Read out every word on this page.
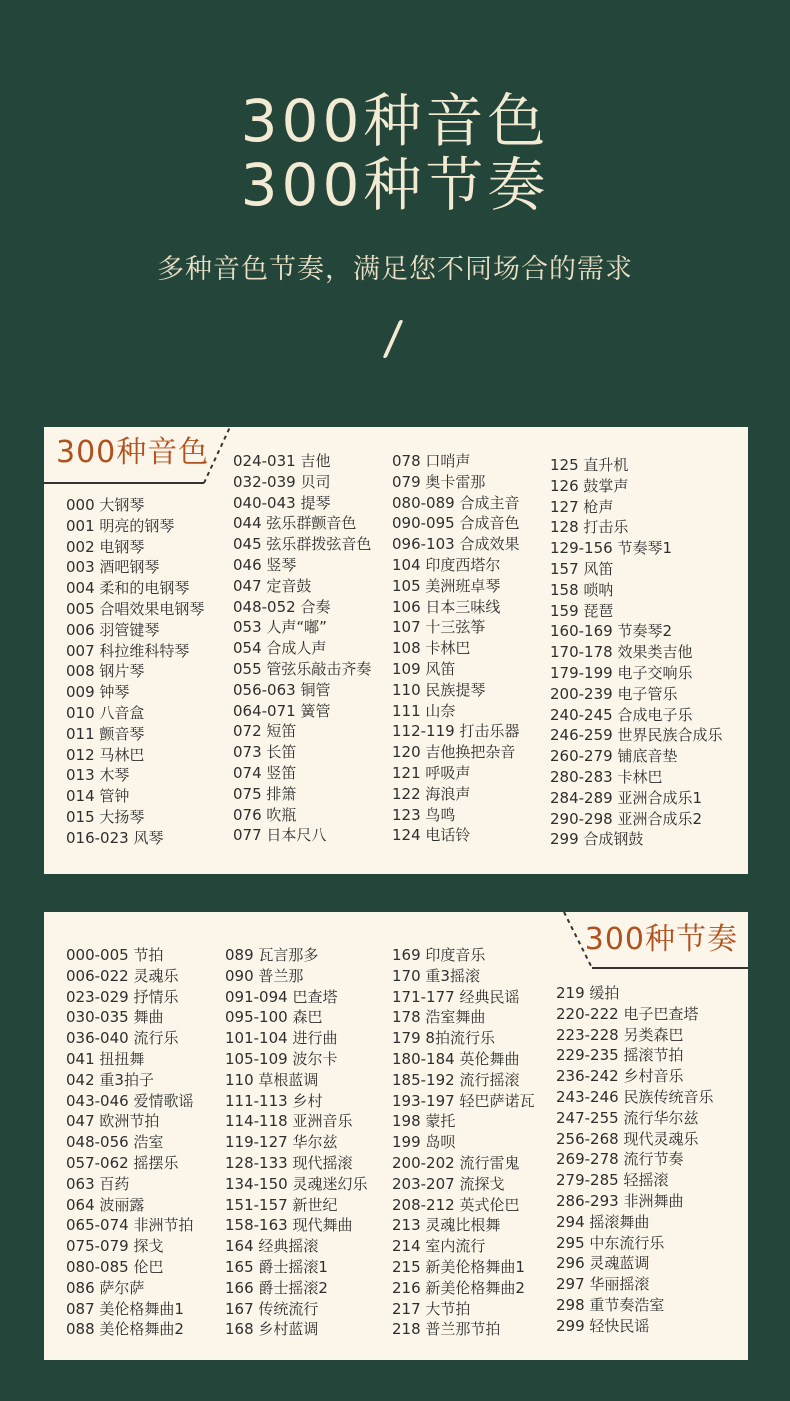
300种音色
300种节奏
多种音色节奏，满足您不同场合的需求
300种音色
000 大钢琴
001 明亮的钢琴
002 电钢琴
003 酒吧钢琴
004 柔和的电钢琴
005 合唱效果电钢琴
006 羽管键琴
007 科拉维科特琴
008 钢片琴
009 钟琴
010 八音盒
011 颤音琴
012 马林巴
013 木琴
014 管钟
015 大扬琴
016-023 风琴
024-031 吉他
032-039 贝司
040-043 提琴
044 弦乐群颤音色
045 弦乐群拨弦音色
046 竖琴
047 定音鼓
048-052 合奏
053 人声“嘟”
054 合成人声
055 管弦乐敲击齐奏
056-063 铜管
064-071 簧管
072 短笛
073 长笛
074 竖笛
075 排箫
076 吹瓶
077 日本尺八
078 口哨声
079 奥卡雷那
080-089 合成主音
090-095 合成音色
096-103 合成效果
104 印度西塔尔
105 美洲班卓琴
106 日本三味线
107 十三弦筝
108 卡林巴
109 风笛
110 民族提琴
111 山奈
112-119 打击乐器
120 吉他换把杂音
121 呼吸声
122 海浪声
123 鸟鸣
124 电话铃
125 直升机
126 鼓掌声
127 枪声
128 打击乐
129-156 节奏琴1
157 风笛
158 唢呐
159 琵琶
160-169 节奏琴2
170-178 效果类吉他
179-199 电子交响乐
200-239 电子管乐
240-245 合成电子乐
246-259 世界民族合成乐
260-279 铺底音垫
280-283 卡林巴
284-289 亚洲合成乐1
290-298 亚洲合成乐2
299 合成钢鼓
300种节奏
000-005 节拍
006-022 灵魂乐
023-029 抒情乐
030-035 舞曲
036-040 流行乐
041 扭扭舞
042 重3拍子
043-046 爱情歌谣
047 欧洲节拍
048-056 浩室
057-062 摇摆乐
063 百药
064 波丽露
065-074 非洲节拍
075-079 探戈
080-085 伦巴
086 萨尔萨
087 美伦格舞曲1
088 美伦格舞曲2
089 瓦言那多
090 普兰那
091-094 巴查塔
095-100 森巴
101-104 进行曲
105-109 波尔卡
110 草根蓝调
111-113 乡村
114-118 亚洲音乐
119-127 华尔兹
128-133 现代摇滚
134-150 灵魂迷幻乐
151-157 新世纪
158-163 现代舞曲
164 经典摇滚
165 爵士摇滚1
166 爵士摇滚2
167 传统流行
168 乡村蓝调
169 印度音乐
170 重3摇滚
171-177 经典民谣
178 浩室舞曲
179 8拍流行乐
180-184 英伦舞曲
185-192 流行摇滚
193-197 轻巴萨诺瓦
198 蒙托
199 岛呗
200-202 流行雷鬼
203-207 流探戈
208-212 英式伦巴
213 灵魂比根舞
214 室内流行
215 新美伦格舞曲1
216 新美伦格舞曲2
217 大节拍
218 普兰那节拍
219 缓拍
220-222 电子巴查塔
223-228 另类森巴
229-235 摇滚节拍
236-242 乡村音乐
243-246 民族传统音乐
247-255 流行华尔兹
256-268 现代灵魂乐
269-278 流行节奏
279-285 轻摇滚
286-293 非洲舞曲
294 摇滚舞曲
295 中东流行乐
296 灵魂蓝调
297 华丽摇滚
298 重节奏浩室
299 轻快民谣
